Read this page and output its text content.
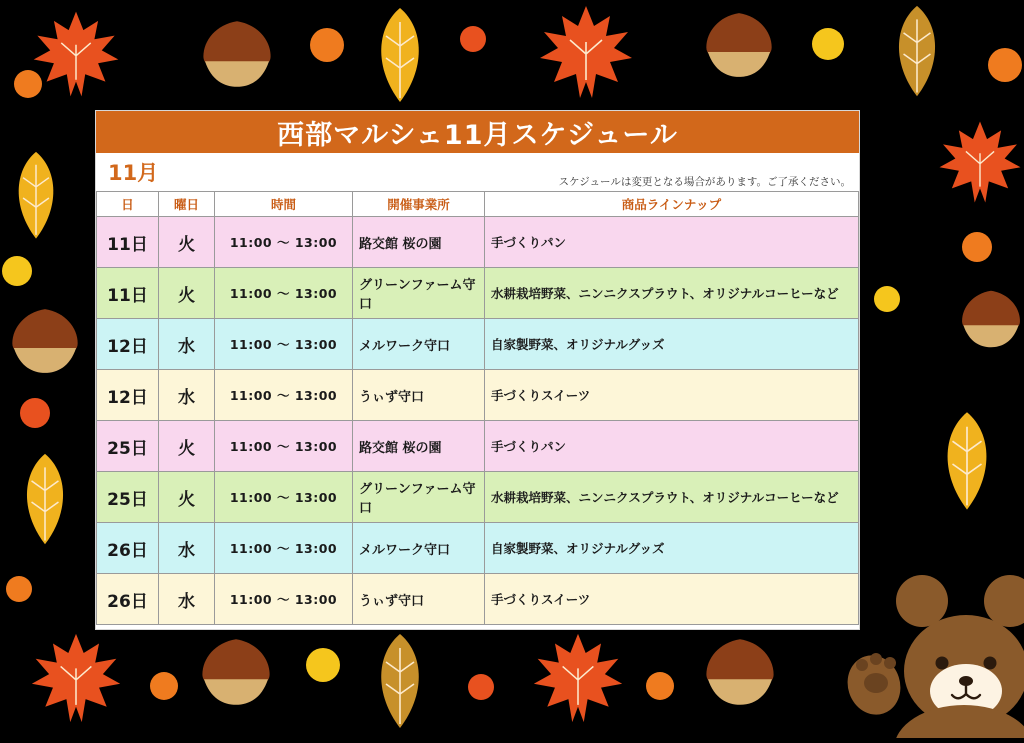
西部マルシェ11月スケジュール
11月	スケジュールは変更となる場合があります。ご了承ください。
日	曜日	時間	開催事業所	商品ラインナップ
11日	火	11:00 ～ 13:00	路交館 桜の園	手づくりパン
11日	火	11:00 ～ 13:00	グリーンファーム守口	水耕栽培野菜、ニンニクスプラウト、オリジナルコーヒーなど
12日	水	11:00 ～ 13:00	メルワーク守口	自家製野菜、オリジナルグッズ
12日	水	11:00 ～ 13:00	うぃず守口	手づくりスイーツ
25日	火	11:00 ～ 13:00	路交館 桜の園	手づくりパン
25日	火	11:00 ～ 13:00	グリーンファーム守口	水耕栽培野菜、ニンニクスプラウト、オリジナルコーヒーなど
26日	水	11:00 ～ 13:00	メルワーク守口	自家製野菜、オリジナルグッズ
26日	水	11:00 ～ 13:00	うぃず守口	手づくりスイーツ
